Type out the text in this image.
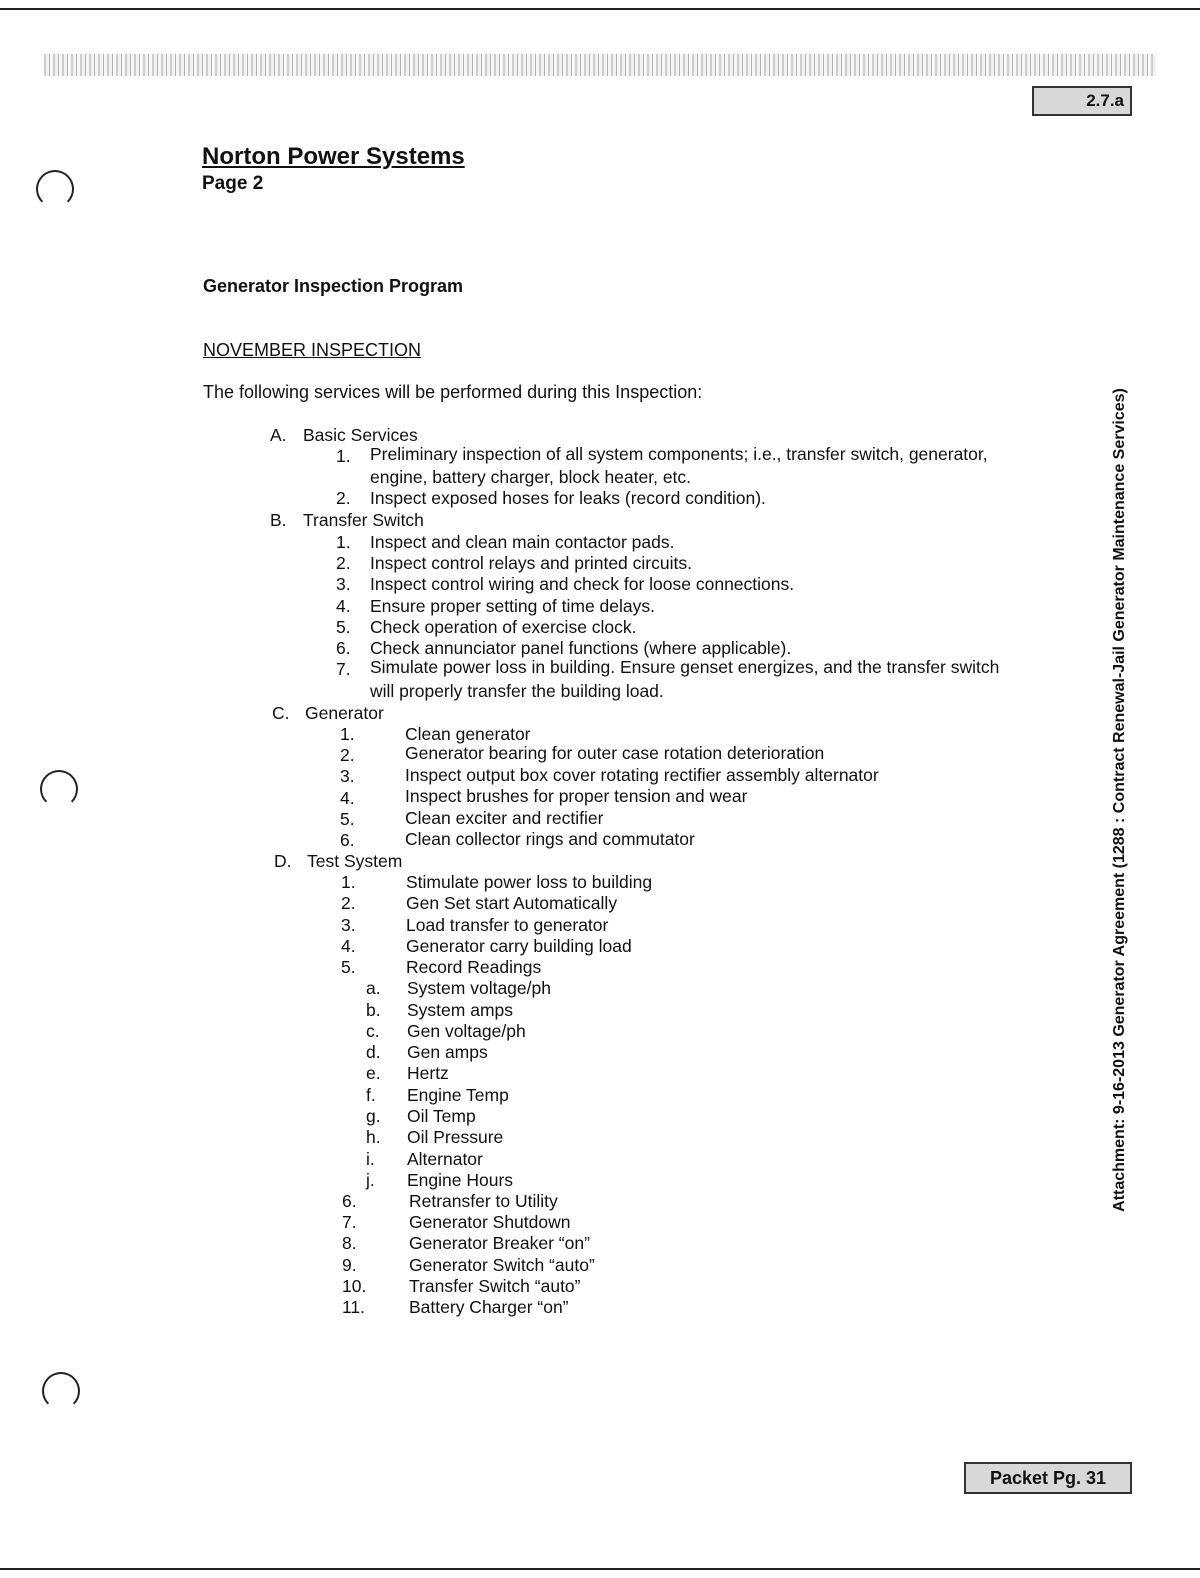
2.7.a
Norton Power Systems
Page 2
Generator Inspection Program
NOVEMBER INSPECTION
The following services will be performed during this Inspection:
A. Basic Services
1. Preliminary inspection of all system components; i.e., transfer switch, generator,
engine, battery charger, block heater, etc.
2. Inspect exposed hoses for leaks (record condition).
B. Transfer Switch
1. Inspect and clean main contactor pads.
2. Inspect control relays and printed circuits.
3. Inspect control wiring and check for loose connections.
4. Ensure proper setting of time delays.
5. Check operation of exercise clock.
6. Check annunciator panel functions (where applicable).
7. Simulate power loss in building. Ensure genset energizes, and the transfer switch
will properly transfer the building load.
C. Generator
1.	Clean generator
2.	Generator bearing for outer case rotation deterioration
3.	Inspect output box cover rotating rectifier assembly alternator
4.	Inspect brushes for proper tension and wear
5.	Clean exciter and rectifier
6.	Clean collector rings and commutator
D. Test System
1.	Stimulate power loss to building
2.	Gen Set start Automatically
3.	Load transfer to generator
4.	Generator carry building load
5.	Record Readings
a. System voltage/ph
b. System amps
c. Gen voltage/ph
d. Gen amps
e. Hertz
f. Engine Temp
g. Oil Temp
h. Oil Pressure
i. Alternator
j. Engine Hours
6.	Retransfer to Utility
7.	Generator Shutdown
8.	Generator Breaker “on”
9.	Generator Switch “auto”
10. Transfer Switch “auto”
11.	Battery Charger “on”
Attachment: 9-16-2013 Generator Agreement (1288 : Contract Renewal-Jail Generator Maintenance Services)
Packet Pg. 31
